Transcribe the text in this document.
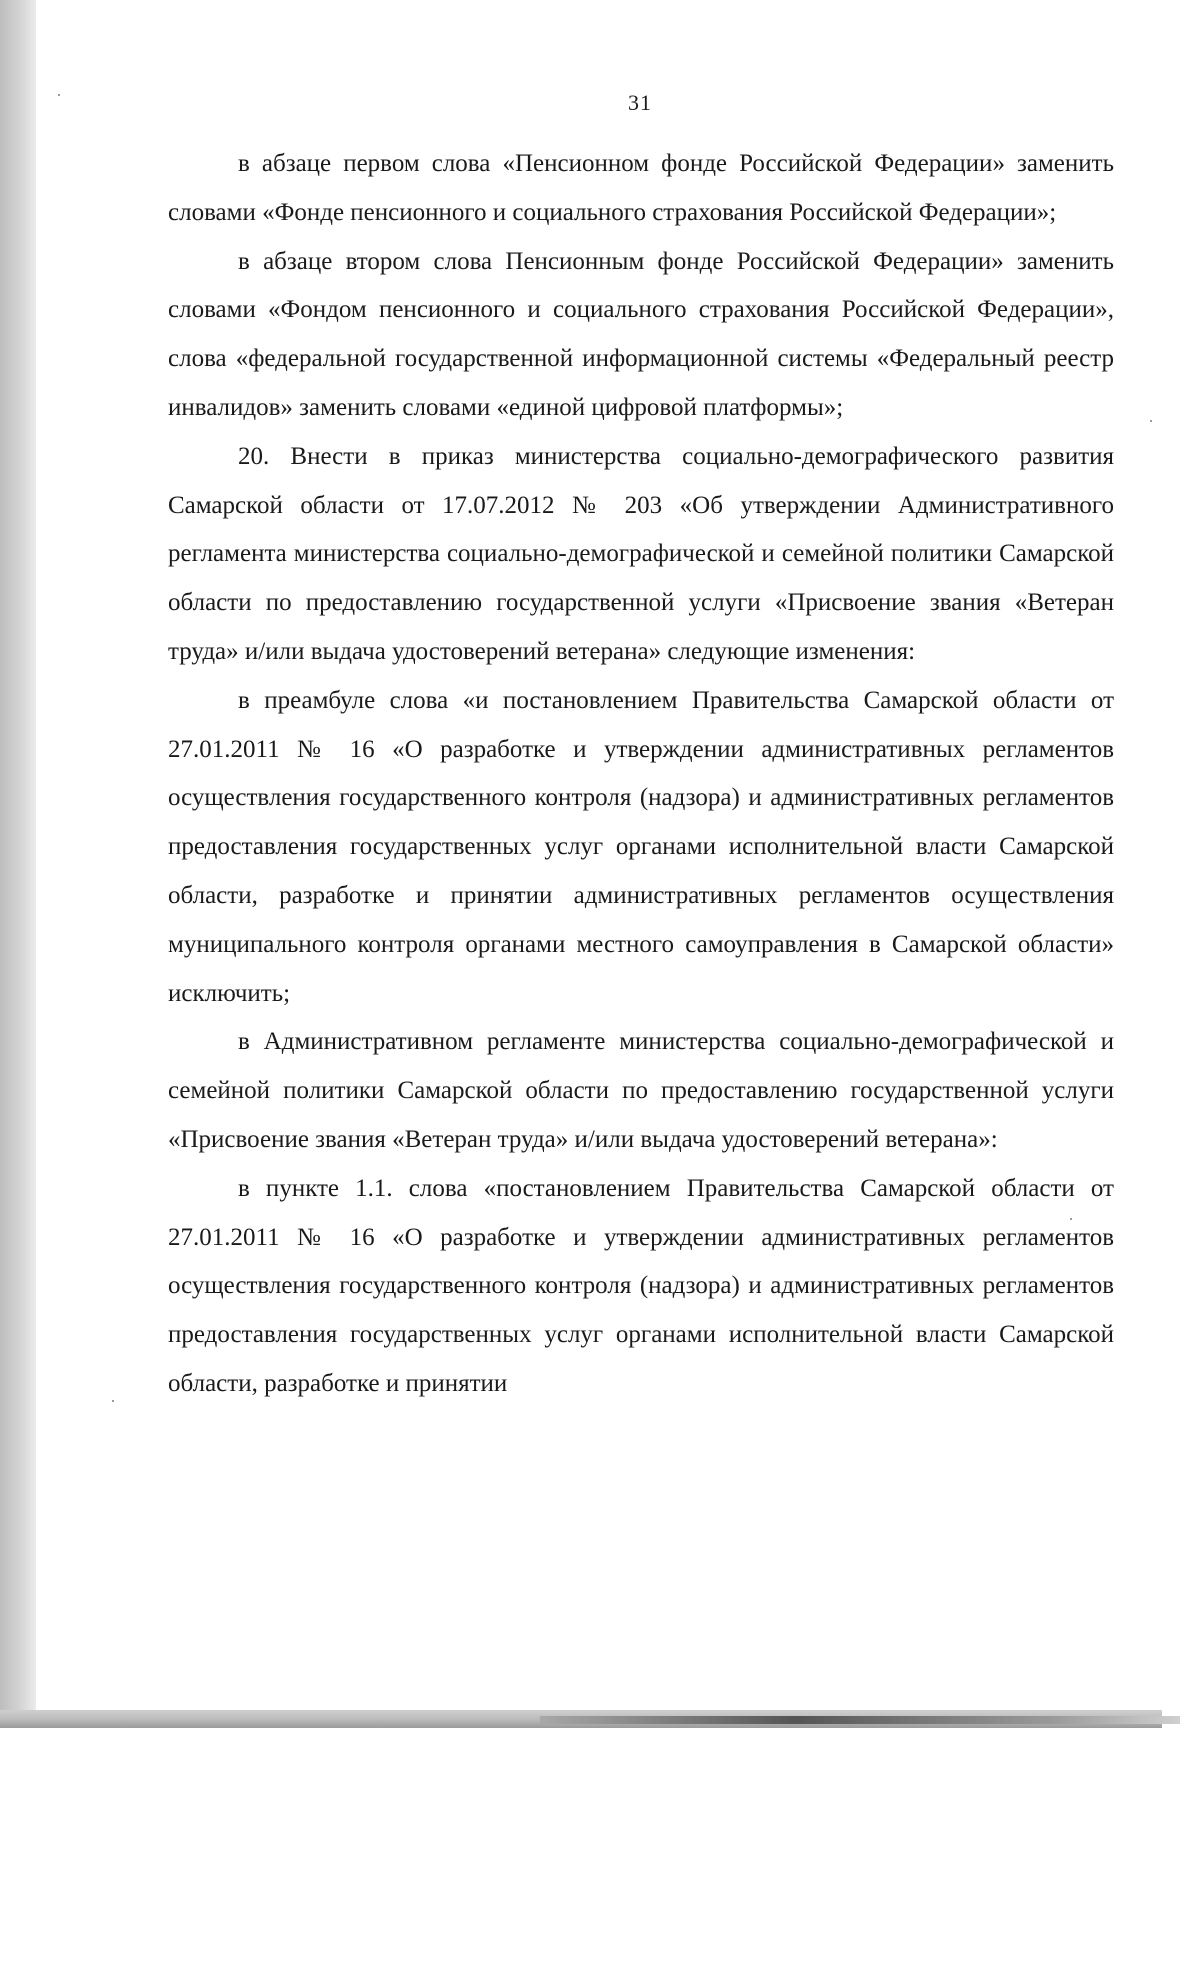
31

в абзаце первом слова «Пенсионном фонде Российской Федерации» заменить словами «Фонде пенсионного и социального страхования Российской Федерации»;

в абзаце втором слова Пенсионным фонде Российской Федерации» заменить словами «Фондом пенсионного и социального страхования Российской Федерации», слова «федеральной государственной информационной системы «Федеральный реестр инвалидов» заменить словами «единой цифровой платформы»;

20. Внести в приказ министерства социально-демографического развития Самарской области от 17.07.2012 № 203 «Об утверждении Административного регламента министерства социально-демографической и семейной политики Самарской области по предоставлению государственной услуги «Присвоение звания «Ветеран труда» и/или выдача удостоверений ветерана» следующие изменения:

в преамбуле слова «и постановлением Правительства Самарской области от 27.01.2011 № 16 «О разработке и утверждении административных регламентов осуществления государственного контроля (надзора) и административных регламентов предоставления государственных услуг органами исполнительной власти Самарской области, разработке и принятии административных регламентов осуществления муниципального контроля органами местного самоуправления в Самарской области» исключить;

в Административном регламенте министерства социально-демографической и семейной политики Самарской области по предоставлению государственной услуги «Присвоение звания «Ветеран труда» и/или выдача удостоверений ветерана»:

в пункте 1.1. слова «постановлением Правительства Самарской области от 27.01.2011 № 16 «О разработке и утверждении административных регламентов осуществления государственного контроля (надзора) и административных регламентов предоставления государственных услуг органами исполнительной власти Самарской области, разработке и принятии
